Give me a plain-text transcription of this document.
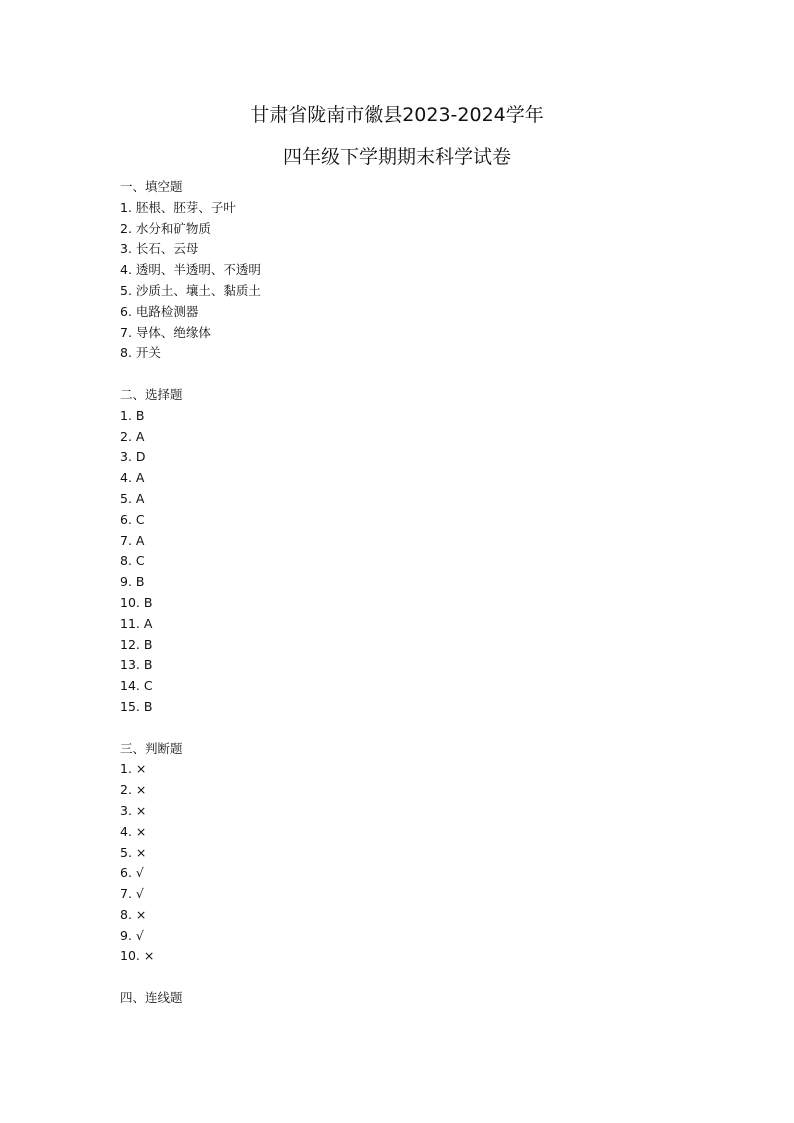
甘肃省陇南市徽县2023-2024学年
四年级下学期期末科学试卷
一、填空题
1. 胚根、胚芽、子叶
2. 水分和矿物质
3. 长石、云母
4. 透明、半透明、不透明
5. 沙质土、壤土、黏质土
6. 电路检测器
7. 导体、绝缘体
8. 开关
二、选择题
1. B
2. A
3. D
4. A
5. A
6. C
7. A
8. C
9. B
10. B
11. A
12. B
13. B
14. C
15. B
三、判断题
1. ×
2. ×
3. ×
4. ×
5. ×
6. √
7. √
8. ×
9. √
10. ×
四、连线题
